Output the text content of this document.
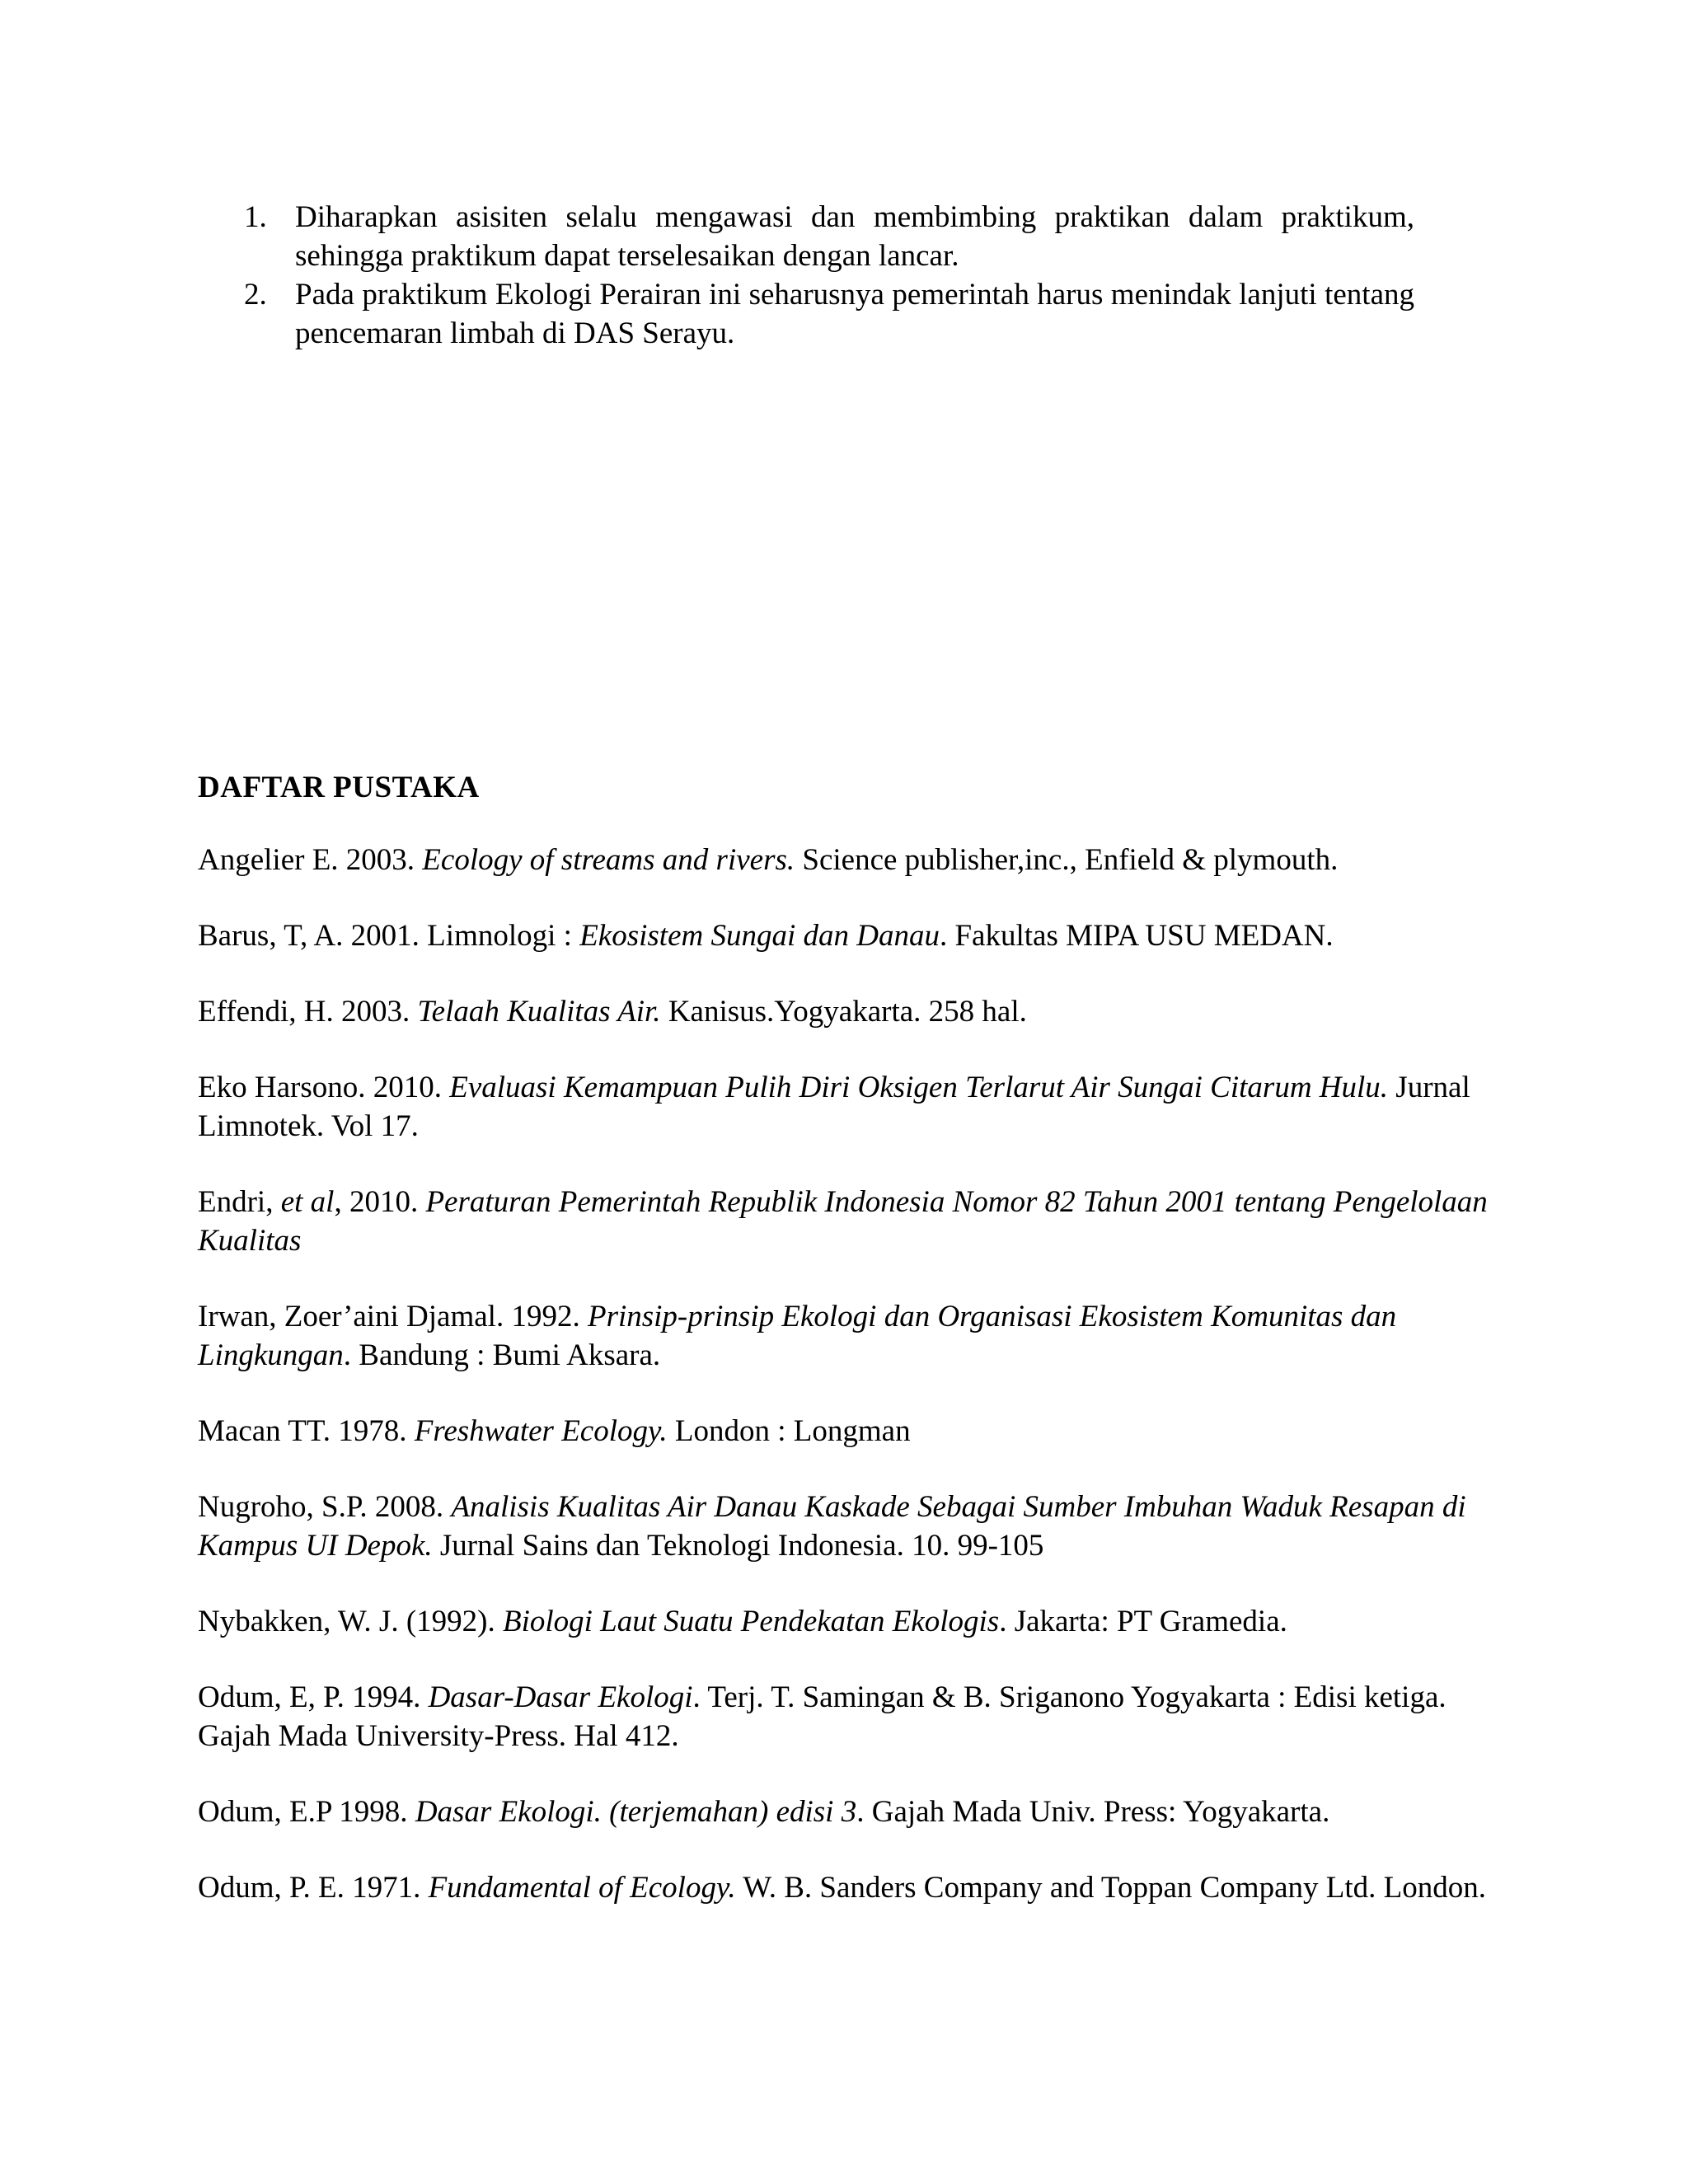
1. Diharapkan asisiten selalu mengawasi dan membimbing praktikan dalam praktikum, sehingga praktikum dapat terselesaikan dengan lancar.
2. Pada praktikum Ekologi Perairan ini seharusnya pemerintah harus menindak lanjuti tentang pencemaran limbah di DAS Serayu.
DAFTAR PUSTAKA

Angelier E. 2003. Ecology of streams and rivers. Science publisher,inc., Enfield & plymouth.

Barus, T, A. 2001. Limnologi : Ekosistem Sungai dan Danau. Fakultas MIPA USU MEDAN.

Effendi, H. 2003. Telaah Kualitas Air. Kanisus.Yogyakarta. 258 hal.

Eko Harsono. 2010. Evaluasi Kemampuan Pulih Diri Oksigen Terlarut Air Sungai Citarum Hulu. Jurnal Limnotek. Vol 17.

Endri, et al, 2010. Peraturan Pemerintah Republik Indonesia Nomor 82 Tahun 2001 tentang Pengelolaan Kualitas

Irwan, Zoer’aini Djamal. 1992. Prinsip-prinsip Ekologi dan Organisasi Ekosistem Komunitas dan Lingkungan. Bandung : Bumi Aksara.

Macan TT. 1978. Freshwater Ecology. London : Longman

Nugroho, S.P. 2008. Analisis Kualitas Air Danau Kaskade Sebagai Sumber Imbuhan Waduk Resapan di Kampus UI Depok. Jurnal Sains dan Teknologi Indonesia. 10. 99-105

Nybakken, W. J. (1992). Biologi Laut Suatu Pendekatan Ekologis. Jakarta: PT Gramedia.

Odum, E, P. 1994. Dasar-Dasar Ekologi. Terj. T. Samingan & B. Sriganono Yogyakarta : Edisi ketiga. Gajah Mada University-Press. Hal 412.

Odum, E.P 1998. Dasar Ekologi. (terjemahan) edisi 3. Gajah Mada Univ. Press: Yogyakarta.

Odum, P. E. 1971. Fundamental of Ecology. W. B. Sanders Company and Toppan Company Ltd. London.
